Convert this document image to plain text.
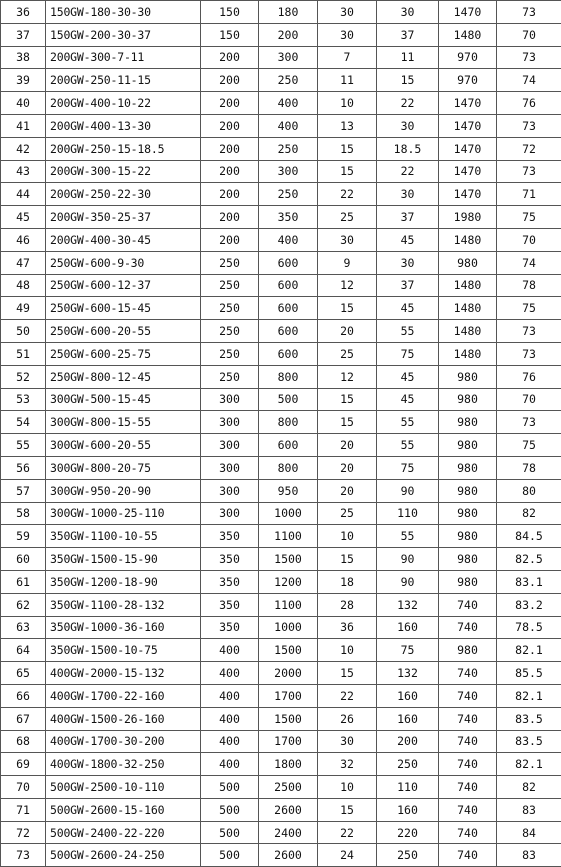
36	150GW-180-30-30	150	180	30	30	1470	73
37	150GW-200-30-37	150	200	30	37	1480	70
38	200GW-300-7-11	200	300	7	11	970	73
39	200GW-250-11-15	200	250	11	15	970	74
40	200GW-400-10-22	200	400	10	22	1470	76
41	200GW-400-13-30	200	400	13	30	1470	73
42	200GW-250-15-18.5	200	250	15	18.5	1470	72
43	200GW-300-15-22	200	300	15	22	1470	73
44	200GW-250-22-30	200	250	22	30	1470	71
45	200GW-350-25-37	200	350	25	37	1980	75
46	200GW-400-30-45	200	400	30	45	1480	70
47	250GW-600-9-30	250	600	9	30	980	74
48	250GW-600-12-37	250	600	12	37	1480	78
49	250GW-600-15-45	250	600	15	45	1480	75
50	250GW-600-20-55	250	600	20	55	1480	73
51	250GW-600-25-75	250	600	25	75	1480	73
52	250GW-800-12-45	250	800	12	45	980	76
53	300GW-500-15-45	300	500	15	45	980	70
54	300GW-800-15-55	300	800	15	55	980	73
55	300GW-600-20-55	300	600	20	55	980	75
56	300GW-800-20-75	300	800	20	75	980	78
57	300GW-950-20-90	300	950	20	90	980	80
58	300GW-1000-25-110	300	1000	25	110	980	82
59	350GW-1100-10-55	350	1100	10	55	980	84.5
60	350GW-1500-15-90	350	1500	15	90	980	82.5
61	350GW-1200-18-90	350	1200	18	90	980	83.1
62	350GW-1100-28-132	350	1100	28	132	740	83.2
63	350GW-1000-36-160	350	1000	36	160	740	78.5
64	350GW-1500-10-75	400	1500	10	75	980	82.1
65	400GW-2000-15-132	400	2000	15	132	740	85.5
66	400GW-1700-22-160	400	1700	22	160	740	82.1
67	400GW-1500-26-160	400	1500	26	160	740	83.5
68	400GW-1700-30-200	400	1700	30	200	740	83.5
69	400GW-1800-32-250	400	1800	32	250	740	82.1
70	500GW-2500-10-110	500	2500	10	110	740	82
71	500GW-2600-15-160	500	2600	15	160	740	83
72	500GW-2400-22-220	500	2400	22	220	740	84
73	500GW-2600-24-250	500	2600	24	250	740	83
